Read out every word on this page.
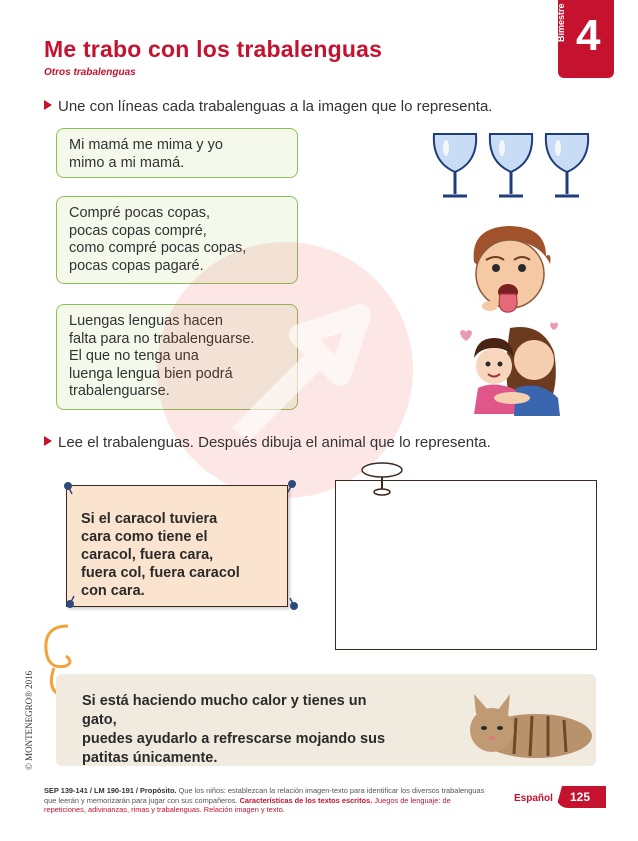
Me trabo con los trabalenguas
Otros trabalenguas
Bimestre 4
Une con líneas cada trabalenguas a la imagen que lo representa.
Mi mamá me mima y yo
mimo a mi mamá.
Compré pocas copas,
pocas copas compré,
como compré pocas copas,
pocas copas pagaré.
Luengas lenguas hacen
falta para no trabalenguarse.
El que no tenga una
luenga lengua bien podrá
trabalenguarse.
Lee el trabalenguas. Después dibuja el animal que lo representa.
Si el caracol tuviera
cara como tiene el
caracol, fuera cara,
fuera col, fuera caracol
con cara.
Si está haciendo mucho calor y tienes un gato,
puedes ayudarlo a refrescarse mojando sus
patitas únicamente.
© MONTENEGRO® 2016
SEP 139-141 / LM 190-191 / Propósito. Que los niños: establezcan la relación imagen-texto para identificar los diversos trabalenguas que leerán y memorizarán para jugar con sus compañeros. Características de los textos escritos. Juegos de lenguaje: de repeticiones, adivinanzas, rimas y trabalenguas. Relación imagen y texto.
Español 125
